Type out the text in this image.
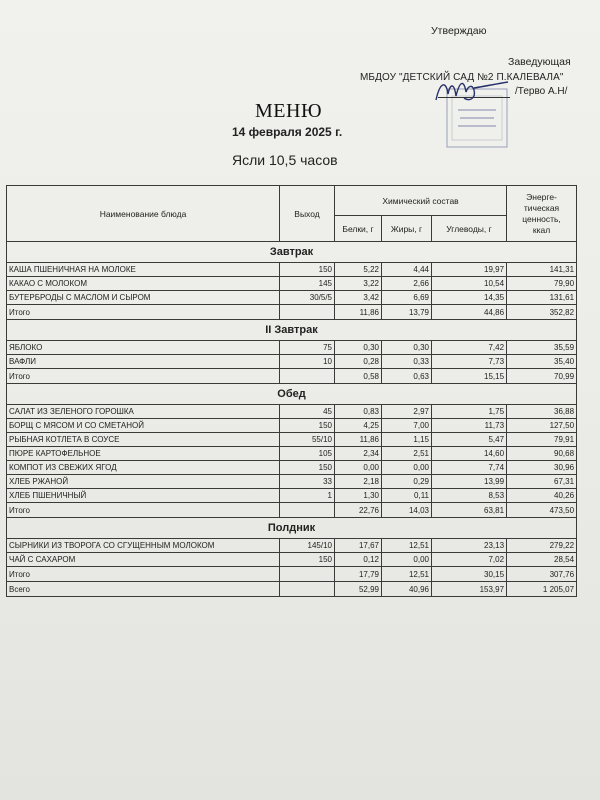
Утверждаю
Заведующая
МБДОУ "ДЕТСКИЙ САД №2 П.КАЛЕВАЛА"
/Терво А.Н/
МЕНЮ
14 февраля 2025 г.
Ясли 10,5 часов
Наименование блюда	Выход	Химический состав			Энерге-
тическая
ценность,
ккал

		Белки, г	Жиры, г	Углеводы, г	
Завтрак					
КАША ПШЕНИЧНАЯ НА МОЛОКЕ	150	5,22	4,44	19,97	141,31
КАКАО С МОЛОКОМ	145	3,22	2,66	10,54	79,90
БУТЕРБРОДЫ С МАСЛОМ И СЫРОМ	30/5/5	3,42	6,69	14,35	131,61
Итого		11,86	13,79	44,86	352,82
II Завтрак					
ЯБЛОКО	75	0,30	0,30	7,42	35,59
ВАФЛИ	10	0,28	0,33	7,73	35,40
Итого		0,58	0,63	15,15	70,99
Обед					
САЛАТ ИЗ ЗЕЛЕНОГО ГОРОШКА	45	0,83	2,97	1,75	36,88
БОРЩ С МЯСОМ И СО СМЕТАНОЙ	150	4,25	7,00	11,73	127,50
РЫБНАЯ КОТЛЕТА В СОУСЕ	55/10	11,86	1,15	5,47	79,91
ПЮРЕ КАРТОФЕЛЬНОЕ	105	2,34	2,51	14,60	90,68
КОМПОТ ИЗ СВЕЖИХ ЯГОД	150	0,00	0,00	7,74	30,96
ХЛЕБ РЖАНОЙ	33	2,18	0,29	13,99	67,31
ХЛЕБ ПШЕНИЧНЫЙ	1	1,30	0,11	8,53	40,26
Итого		22,76	14,03	63,81	473,50
Полдник					
СЫРНИКИ ИЗ ТВОРОГА СО СГУЩЕННЫМ МОЛОКОМ	145/10	17,67	12,51	23,13	279,22
ЧАЙ С САХАРОМ	150	0,12	0,00	7,02	28,54
Итого		17,79	12,51	30,15	307,76
Всего		52,99	40,96	153,97	1 205,07
